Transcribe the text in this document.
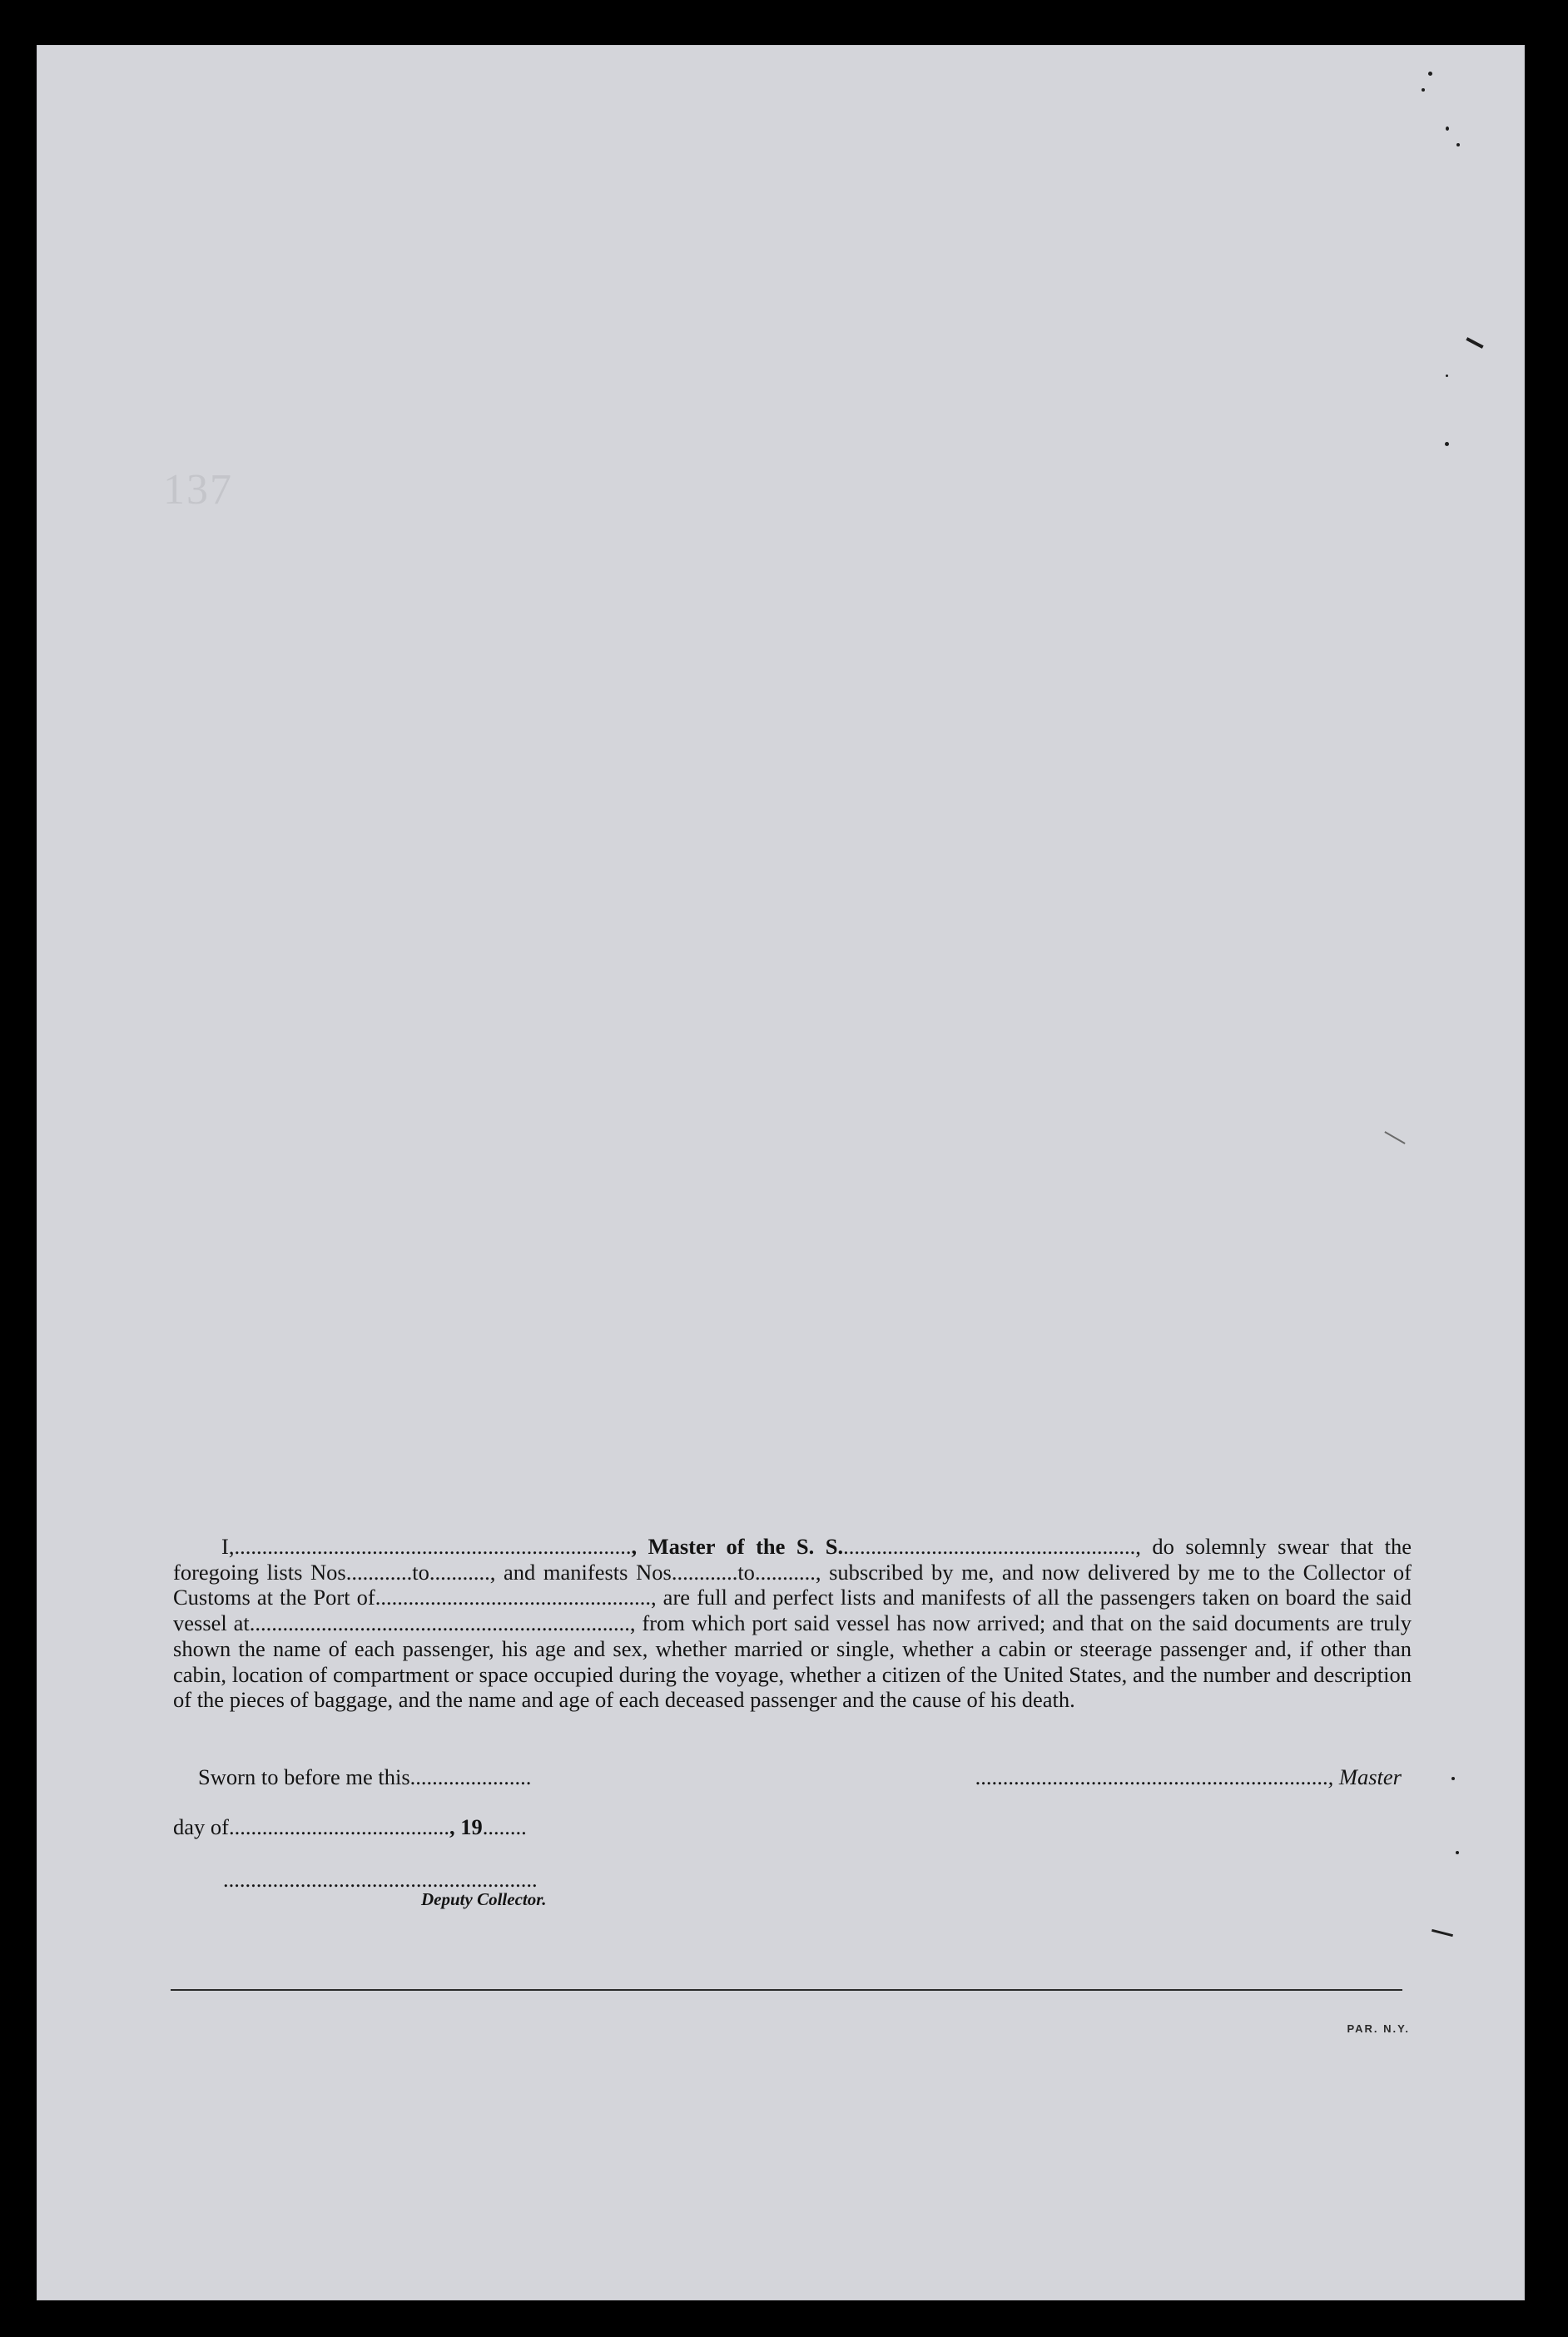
137
I,........................................................................, Master of the S. S......................................................, do solemnly swear that the foregoing lists Nos............to..........., and manifests Nos............to..........., subscribed by me, and now delivered by me to the Collector of Customs at the Port of.................................................., are full and perfect lists and manifests of all the passengers taken on board the said vessel at....................................................................., from which port said vessel has now arrived; and that on the said documents are truly shown the name of each passenger, his age and sex, whether married or single, whether a cabin or steerage passenger and, if other than cabin, location of compartment or space occupied during the voyage, whether a citizen of the United States, and the number and description of the pieces of baggage, and the name and age of each deceased passenger and the cause of his death.
Sworn to before me this......................	................................................................, Master
day of........................................, 19........
.........................................................
Deputy Collector.
PAR. N.Y.
